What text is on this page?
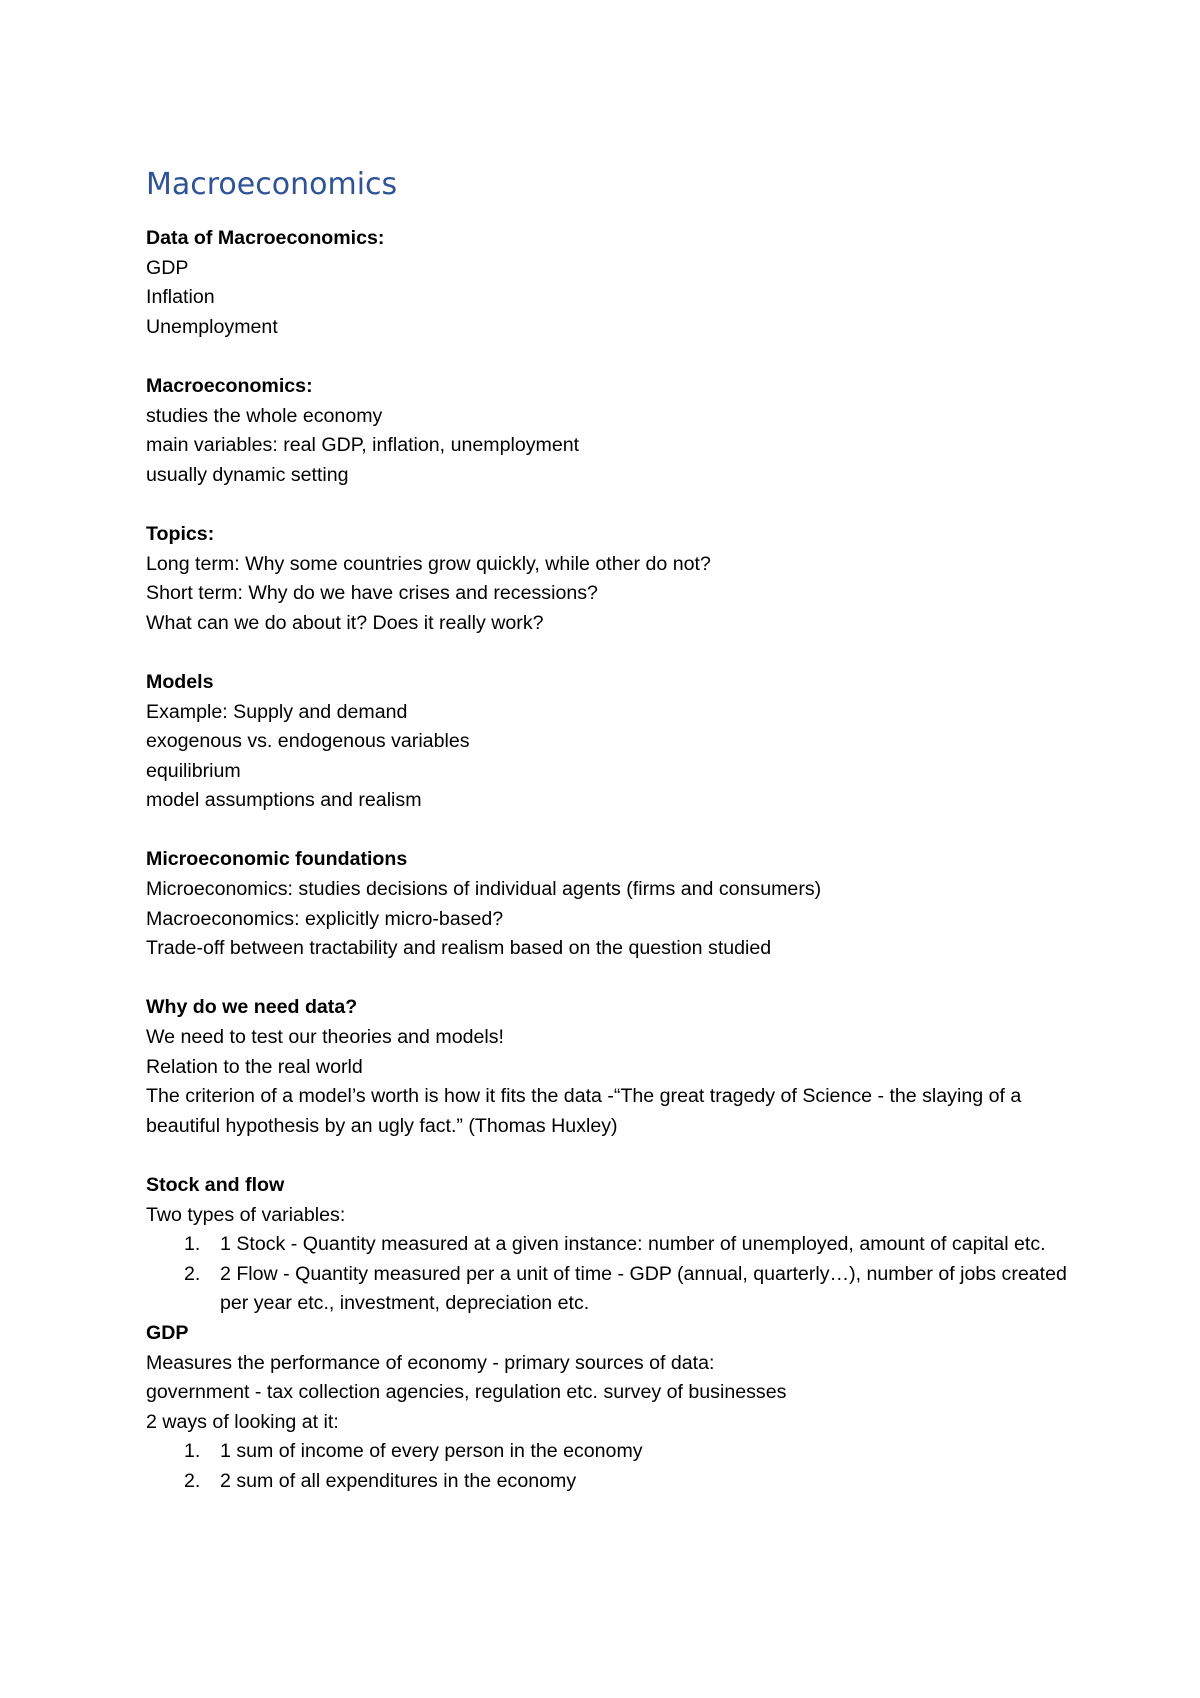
Macroeconomics
Data of Macroeconomics:
GDP
Inflation
Unemployment
Macroeconomics:
studies the whole economy
main variables: real GDP, inflation, unemployment
usually dynamic setting
Topics:
Long term: Why some countries grow quickly, while other do not?
Short term: Why do we have crises and recessions?
What can we do about it? Does it really work?
Models
Example: Supply and demand
exogenous vs. endogenous variables
equilibrium
model assumptions and realism
Microeconomic foundations
Microeconomics: studies decisions of individual agents (firms and consumers)
Macroeconomics: explicitly micro-based?
Trade-off between tractability and realism based on the question studied
Why do we need data?
We need to test our theories and models!
Relation to the real world
The criterion of a model’s worth is how it fits the data -“The great tragedy of Science - the slaying of a beautiful hypothesis by an ugly fact.” (Thomas Huxley)
Stock and flow
Two types of variables:
1. 1 Stock - Quantity measured at a given instance: number of unemployed, amount of capital etc.
2. 2 Flow - Quantity measured per a unit of time - GDP (annual, quarterly…), number of jobs created per year etc., investment, depreciation etc.
GDP
Measures the performance of economy - primary sources of data:
government - tax collection agencies, regulation etc. survey of businesses
2 ways of looking at it:
1. 1 sum of income of every person in the economy
2. 2 sum of all expenditures in the economy
